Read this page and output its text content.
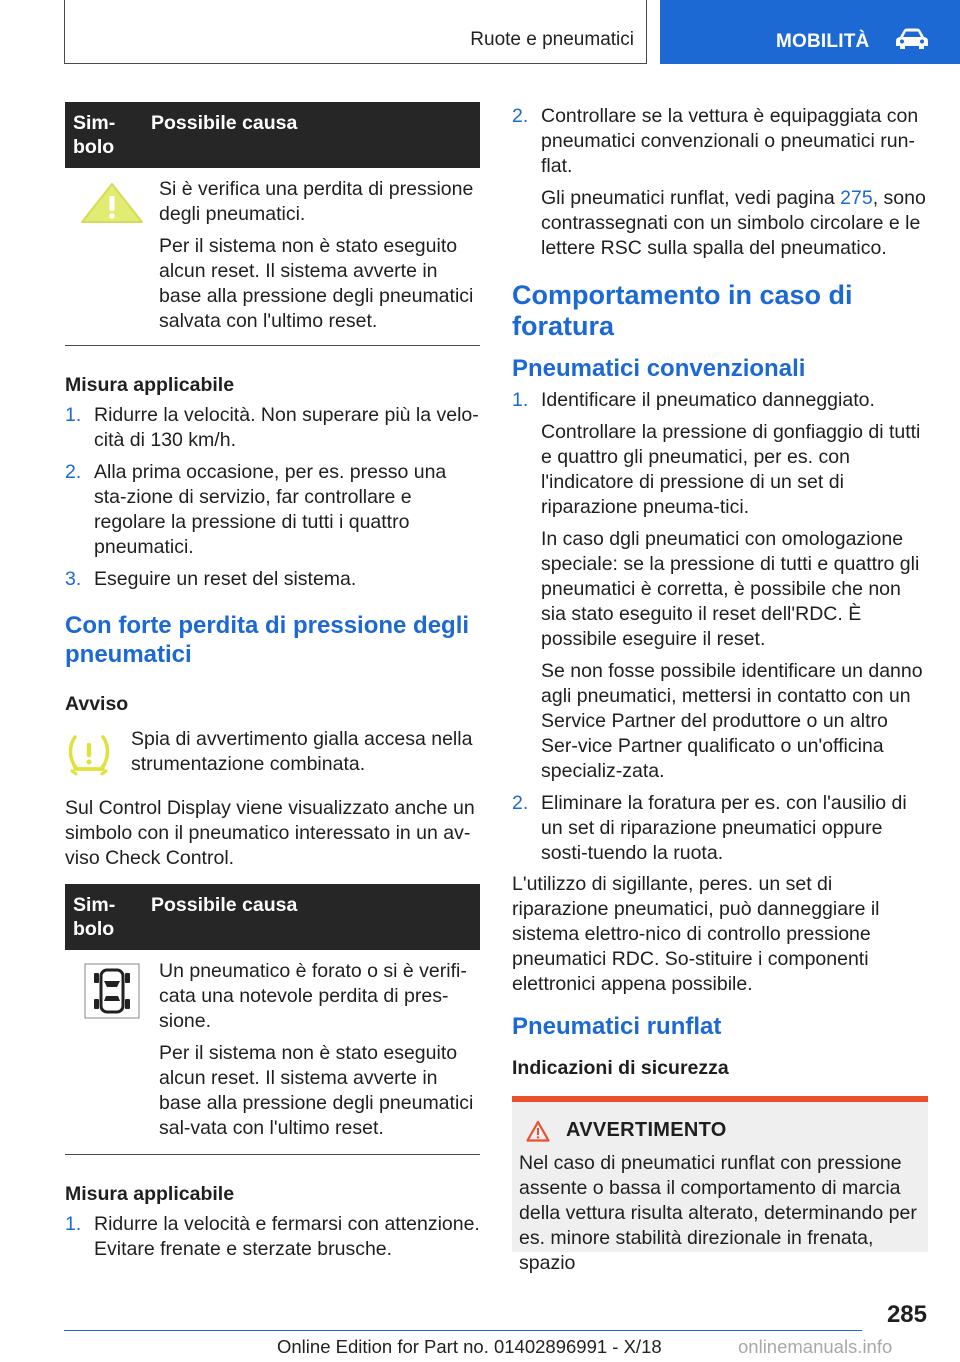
Ruote e pneumatici	MOBILITÀ
Sim-
bolo
Possibile causa

Si è verifica una perdita di pressione degli pneumatici.

Per il sistema non è stato eseguito alcun reset. Il sistema avverte in base alla pressione degli pneumatici salvata con l'ultimo reset.

Misura applicabile
1. Ridurre la velocità. Non superare più la velo‐cità di 130 km/h.
2. Alla prima occasione, per es. presso una sta‐zione di servizio, far controllare e regolare la pressione di tutti i quattro pneumatici.
3. Eseguire un reset del sistema.
Con forte perdita di pressione degli pneumatici
Avviso

Spia di avvertimento gialla accesa nella strumentazione combinata.

Sul Control Display viene visualizzato anche un simbolo con il pneumatico interessato in un av‐viso Check Control.

Sim-
bolo
Possibile causa

Un pneumatico è forato o si è verifi‐cata una notevole perdita di pres‐sione.

Per il sistema non è stato eseguito alcun reset. Il sistema avverte in base alla pressione degli pneumatici sal‐vata con l'ultimo reset.

Misura applicabile
1. Ridurre la velocità e fermarsi con attenzione. Evitare frenate e sterzate brusche.
2. Controllare se la vettura è equipaggiata con pneumatici convenzionali o pneumatici run‐flat.

Gli pneumatici runflat, vedi pagina 275, sono contrassegnati con un simbolo circolare e le lettere RSC sulla spalla del pneumatico.

Comportamento in caso di foratura
Pneumatici convenzionali
1. Identificare il pneumatico danneggiato.

Controllare la pressione di gonfiaggio di tutti e quattro gli pneumatici, per es. con l'indicatore di pressione di un set di riparazione pneuma‐tici.

In caso dgli pneumatici con omologazione speciale: se la pressione di tutti e quattro gli pneumatici è corretta, è possibile che non sia stato eseguito il reset dell'RDC. È possibile eseguire il reset.

Se non fosse possibile identificare un danno agli pneumatici, mettersi in contatto con un Service Partner del produttore o un altro Ser‐vice Partner qualificato o un'officina specializ‐zata.

2. Eliminare la foratura per es. con l'ausilio di un set di riparazione pneumatici oppure sosti‐tuendo la ruota.

L'utilizzo di sigillante, peres. un set di riparazione pneumatici, può danneggiare il sistema elettro‐nico di controllo pressione pneumatici RDC. So‐stituire i componenti elettronici appena possibile.

Pneumatici runflat
Indicazioni di sicurezza
AVVERTIMENTO

Nel caso di pneumatici runflat con pressione assente o bassa il comportamento di marcia della vettura risulta alterato, determinando per es. minore stabilità direzionale in frenata, spazio

285
Online Edition for Part no. 01402896991 - X/18	onlinemanuals.info
